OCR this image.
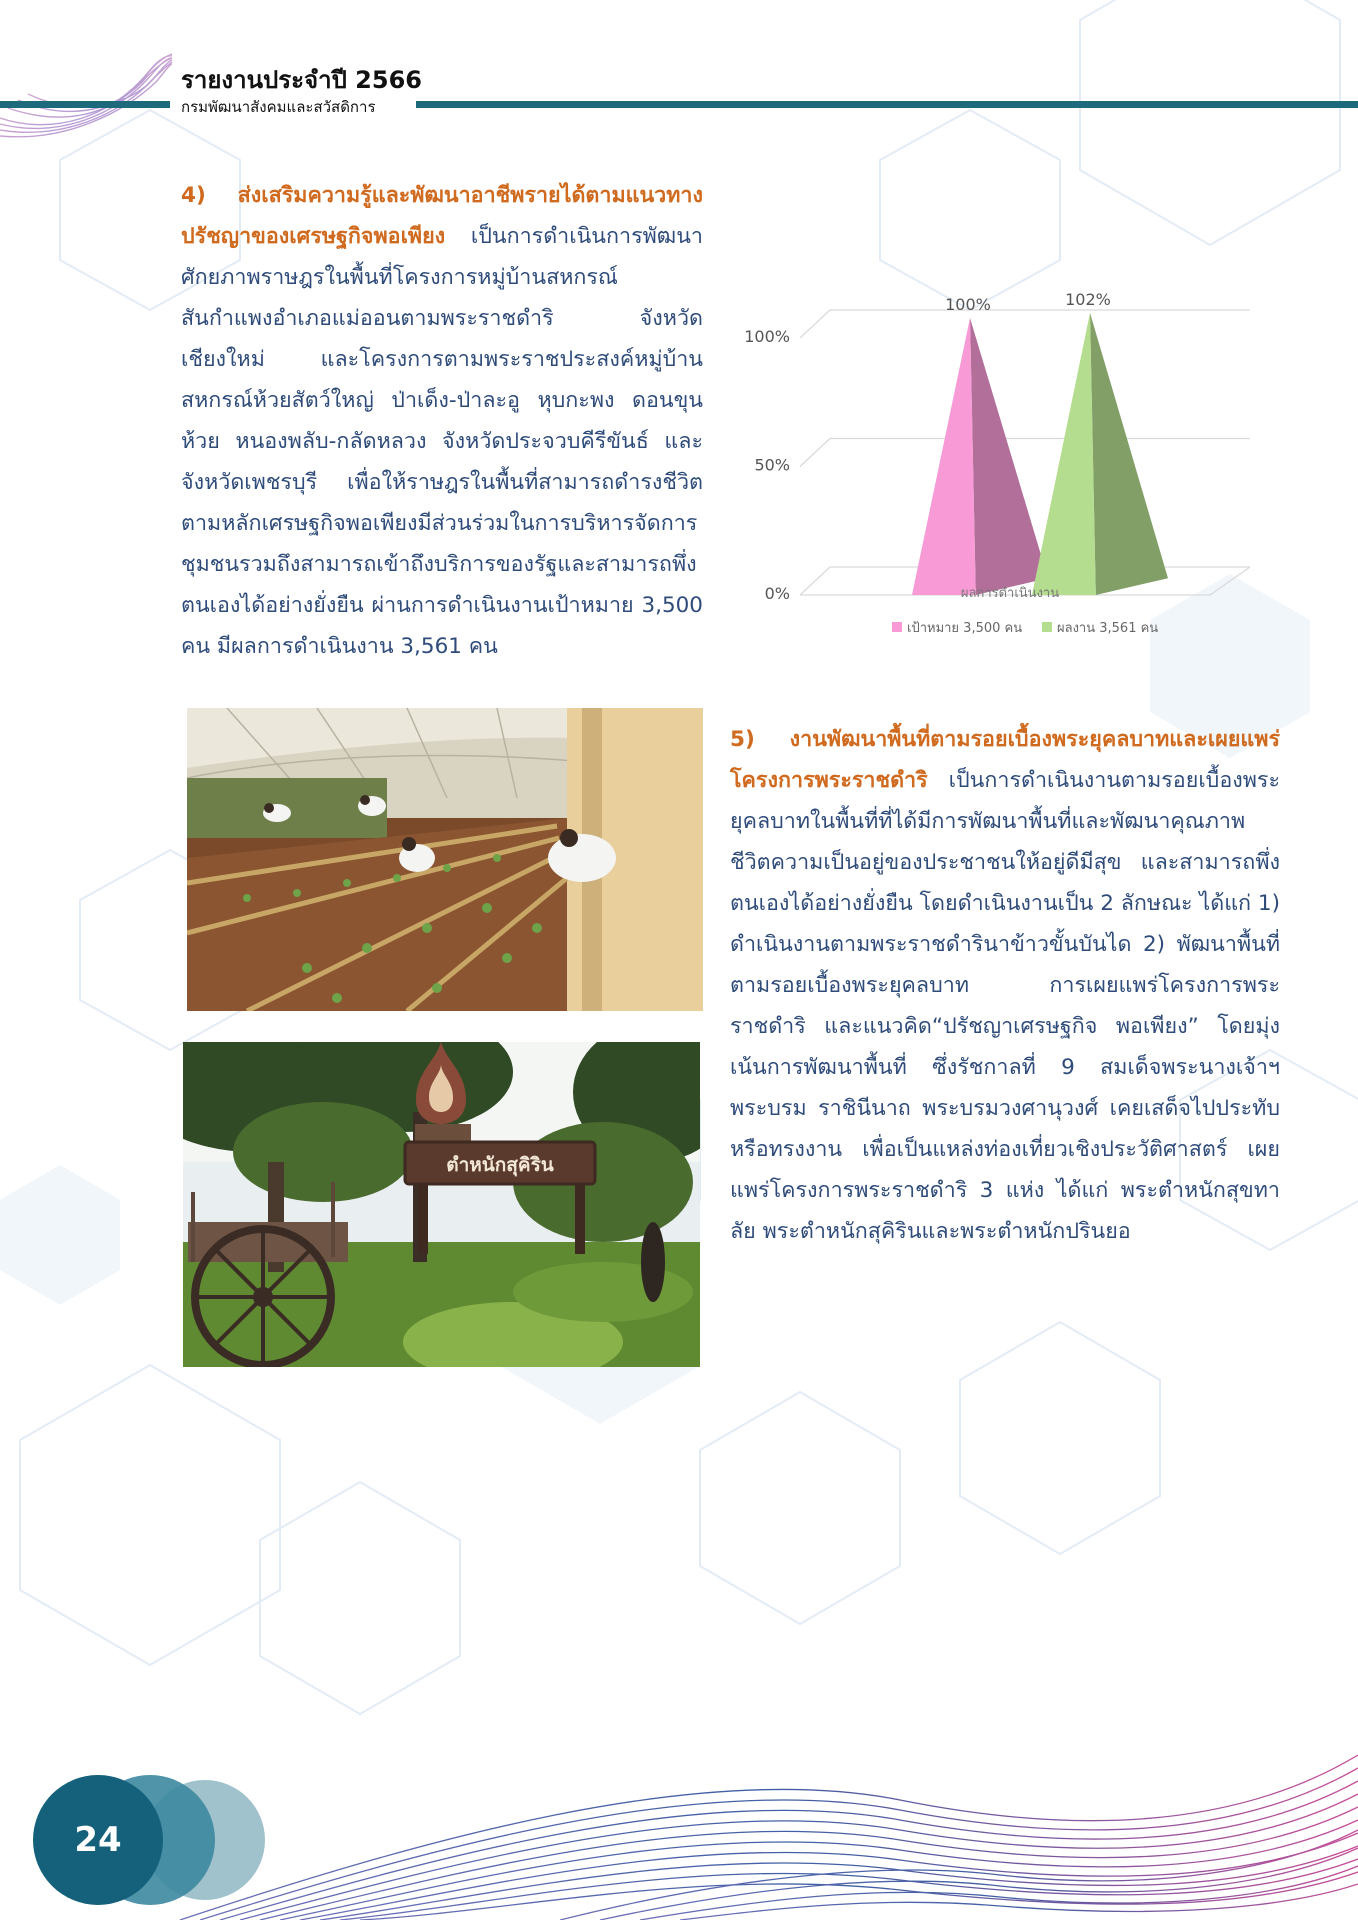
รายงานประจำปี 2566
กรมพัฒนาสังคมและสวัสดิการ
4) ส่งเสริมความรู้และพัฒนาอาชีพรายได้ตามแนวทางปรัชญาของเศรษฐกิจพอเพียง เป็นการดำเนินการพัฒนาศักยภาพราษฎรในพื้นที่โครงการหมู่บ้านสหกรณ์สันกำแพงอำเภอแม่ออนตามพระราชดำริ จังหวัดเชียงใหม่ และโครงการตามพระราชประสงค์หมู่บ้านสหกรณ์ห้วยสัตว์ใหญ่ ป่าเด็ง-ป่าละอู หุบกะพง ดอนขุนห้วย หนองพลับ-กลัดหลวง จังหวัดประจวบคีรีขันธ์ และจังหวัดเพชรบุรี เพื่อให้ราษฎรในพื้นที่สามารถดำรงชีวิตตามหลักเศรษฐกิจพอเพียงมีส่วนร่วมในการบริหารจัดการชุมชนรวมถึงสามารถเข้าถึงบริการของรัฐและสามารถพึ่งตนเองได้อย่างยั่งยืน ผ่านการดำเนินงานเป้าหมาย 3,500 คน มีผลการดำเนินงาน 3,561 คน
0%
50%
100%
100%	102%
ผลการดำเนินงาน
เป้าหมาย 3,500 คน	ผลงาน 3,561 คน
ตำหนักสุคิริน
5) งานพัฒนาพื้นที่ตามรอยเบื้องพระยุคลบาทและเผยแพร่โครงการพระราชดำริ เป็นการดำเนินงานตามรอยเบื้องพระยุคลบาทในพื้นที่ที่ได้มีการพัฒนาพื้นที่และพัฒนาคุณภาพชีวิตความเป็นอยู่ของประชาชนให้อยู่ดีมีสุข และสามารถพึ่งตนเองได้อย่างยั่งยืน โดยดำเนินงานเป็น 2 ลักษณะ ได้แก่ 1) ดำเนินงานตามพระราชดำรินาข้าวขั้นบันได 2) พัฒนาพื้นที่ตามรอยเบื้องพระยุคลบาท การเผยแพร่โครงการพระราชดำริ และแนวคิด“ปรัชญาเศรษฐกิจ พอเพียง” โดยมุ่งเน้นการพัฒนาพื้นที่ ซึ่งรัชกาลที่ 9 สมเด็จพระนางเจ้าฯ พระบรม ราชินีนาถ พระบรมวงศานุวงศ์ เคยเสด็จไปประทับหรือทรงงาน เพื่อเป็นแหล่งท่องเที่ยวเชิงประวัติศาสตร์ เผยแพร่โครงการพระราชดำริ 3 แห่ง ได้แก่ พระตำหนักสุขทาลัย พระตำหนักสุคิรินและพระตำหนักปรินยอ
24
